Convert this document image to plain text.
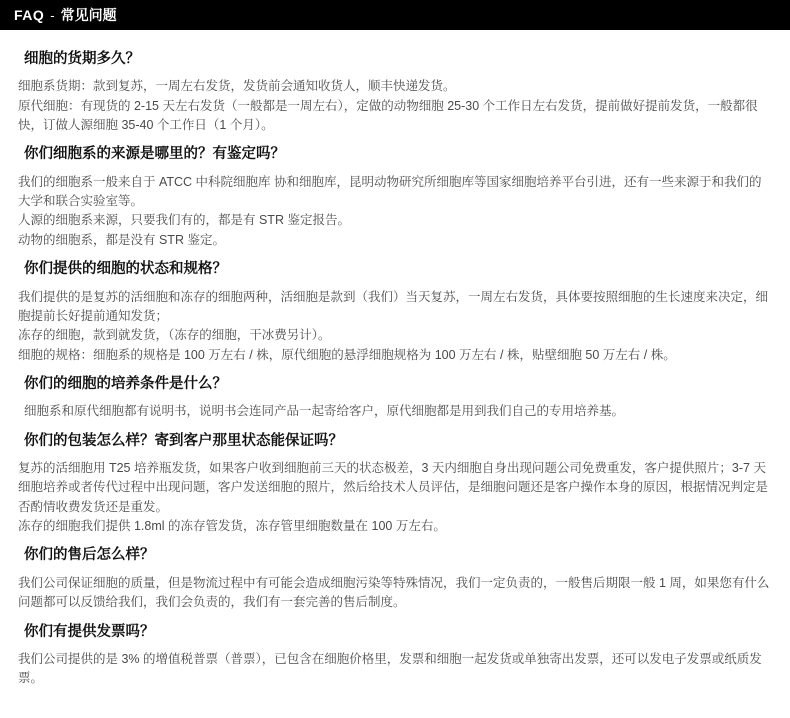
FAQ - 常见问题
细胞的货期多久？

细胞系货期：款到复苏，一周左右发货，发货前会通知收货人，顺丰快递发货。

原代细胞：有现货的 2-15 天左右发货（一般都是一周左右），定做的动物细胞 25-30 个工作日左右发货，提前做好提前发货，一般都很快，订做人源细胞 35-40 个工作日（1 个月）。

你们细胞系的来源是哪里的？有鉴定吗？

我们的细胞系一般来自于 ATCC 中科院细胞库 协和细胞库，昆明动物研究所细胞库等国家细胞培养平台引进，还有一些来源于和我们的大学和联合实验室等。

人源的细胞系来源，只要我们有的，都是有 STR 鉴定报告。

动物的细胞系，都是没有 STR 鉴定。

你们提供的细胞的状态和规格？

我们提供的是复苏的活细胞和冻存的细胞两种，活细胞是款到（我们）当天复苏，一周左右发货，具体要按照细胞的生长速度来决定，细胞提前长好提前通知发货；

冻存的细胞，款到就发货，（冻存的细胞，干冰费另计）。

细胞的规格：细胞系的规格是 100 万左右 / 株，原代细胞的悬浮细胞规格为 100 万左右 / 株，贴壁细胞 50 万左右 / 株。

你们的细胞的培养条件是什么？

细胞系和原代细胞都有说明书，说明书会连同产品一起寄给客户，原代细胞都是用到我们自己的专用培养基。

你们的包装怎么样？寄到客户那里状态能保证吗？

复苏的活细胞用 T25 培养瓶发货，如果客户收到细胞前三天的状态极差，3 天内细胞自身出现问题公司免费重发，客户提供照片；3-7 天细胞培养或者传代过程中出现问题，客户发送细胞的照片，然后给技术人员评估，是细胞问题还是客户操作本身的原因，根据情况判定是否酌情收费发货还是重发。

冻存的细胞我们提供 1.8ml 的冻存管发货，冻存管里细胞数量在 100 万左右。

你们的售后怎么样？

我们公司保证细胞的质量，但是物流过程中有可能会造成细胞污染等特殊情况，我们一定负责的，一般售后期限一般 1 周，如果您有什么问题都可以反馈给我们，我们会负责的，我们有一套完善的售后制度。

你们有提供发票吗？

我们公司提供的是 3% 的增值税普票（普票），已包含在细胞价格里，发票和细胞一起发货或单独寄出发票，还可以发电子发票或纸质发票。
